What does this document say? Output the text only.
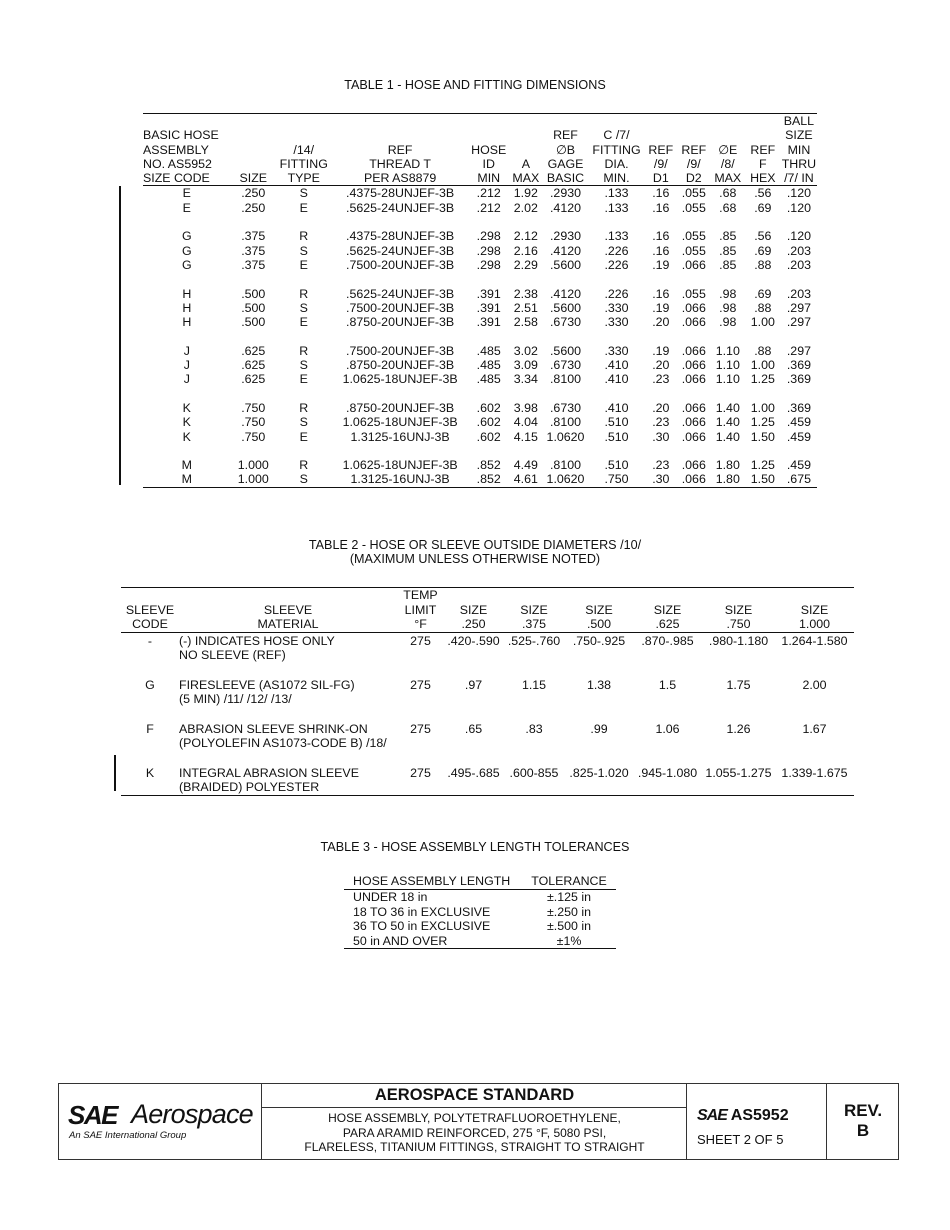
TABLE 1 - HOSE AND FITTING DIMENSIONS
												BALL
BASIC HOSE						REF	C /7/					SIZE
ASSEMBLY		/14/	REF	HOSE		∅B	FITTING	REF	REF	∅E	REF	MIN
NO. AS5952		FITTING	THREAD T	ID	A	GAGE	DIA.	/9/	/9/	/8/	F	THRU
SIZE CODE	SIZE	TYPE	PER AS8879	MIN	MAX	BASIC	MIN.	D1	D2	MAX	HEX	/7/ IN
E	.250	S	.4375-28UNJEF-3B	.212	1.92	.2930	.133	.16	.055	.68	.56	.120
E	.250	E	.5625-24UNJEF-3B	.212	2.02	.4120	.133	.16	.055	.68	.69	.120

G	.375	R	.4375-28UNJEF-3B	.298	2.12	.2930	.133	.16	.055	.85	.56	.120
G	.375	S	.5625-24UNJEF-3B	.298	2.16	.4120	.226	.16	.055	.85	.69	.203
G	.375	E	.7500-20UNJEF-3B	.298	2.29	.5600	.226	.19	.066	.85	.88	.203

H	.500	R	.5625-24UNJEF-3B	.391	2.38	.4120	.226	.16	.055	.98	.69	.203
H	.500	S	.7500-20UNJEF-3B	.391	2.51	.5600	.330	.19	.066	.98	.88	.297
H	.500	E	.8750-20UNJEF-3B	.391	2.58	.6730	.330	.20	.066	.98	1.00	.297

J	.625	R	.7500-20UNJEF-3B	.485	3.02	.5600	.330	.19	.066	1.10	.88	.297
J	.625	S	.8750-20UNJEF-3B	.485	3.09	.6730	.410	.20	.066	1.10	1.00	.369
J	.625	E	1.0625-18UNJEF-3B	.485	3.34	.8100	.410	.23	.066	1.10	1.25	.369

K	.750	R	.8750-20UNJEF-3B	.602	3.98	.6730	.410	.20	.066	1.40	1.00	.369
K	.750	S	1.0625-18UNJEF-3B	.602	4.04	.8100	.510	.23	.066	1.40	1.25	.459
K	.750	E	1.3125-16UNJ-3B	.602	4.15	1.0620	.510	.30	.066	1.40	1.50	.459

M	1.000	R	1.0625-18UNJEF-3B	.852	4.49	.8100	.510	.23	.066	1.80	1.25	.459
M	1.000	S	1.3125-16UNJ-3B	.852	4.61	1.0620	.750	.30	.066	1.80	1.50	.675
TABLE 2 - HOSE OR SLEEVE OUTSIDE DIAMETERS /10/
(MAXIMUM UNLESS OTHERWISE NOTED)
		TEMP						
SLEEVE	SLEEVE	LIMIT	SIZE	SIZE	SIZE	SIZE	SIZE	SIZE
CODE	MATERIAL	°F	.250	.375	.500	.625	.750	1.000
-	(-) INDICATES HOSE ONLY
NO SLEEVE (REF)	275	.420-.590	.525-.760	.750-.925	.870-.985	.980-1.180	1.264-1.580
G	FIRESLEEVE (AS1072 SIL-FG)
(5 MIN) /11/ /12/ /13/	275	.97	1.15	1.38	1.5	1.75	2.00
F	ABRASION SLEEVE SHRINK-ON
(POLYOLEFIN AS1073-CODE B) /18/	275	.65	.83	.99	1.06	1.26	1.67
K	INTEGRAL ABRASION SLEEVE
(BRAIDED) POLYESTER	275	.495-.685	.600-855	.825-1.020	.945-1.080	1.055-1.275	1.339-1.675
TABLE 3 - HOSE ASSEMBLY LENGTH TOLERANCES
HOSE ASSEMBLY LENGTH	TOLERANCE
UNDER 18 in	±.125 in
18 TO 36 in EXCLUSIVE	±.250 in
36 TO 50 in EXCLUSIVE	±.500 in
50 in AND OVER	±1%
SAE Aerospace
An SAE International Group
AEROSPACE STANDARD
HOSE ASSEMBLY, POLYTETRAFLUOROETHYLENE,
PARA ARAMID REINFORCED, 275 °F, 5080 PSI,
FLARELESS, TITANIUM FITTINGS, STRAIGHT TO STRAIGHT
SAE AS5952
SHEET 2 OF 5
REV.
B
